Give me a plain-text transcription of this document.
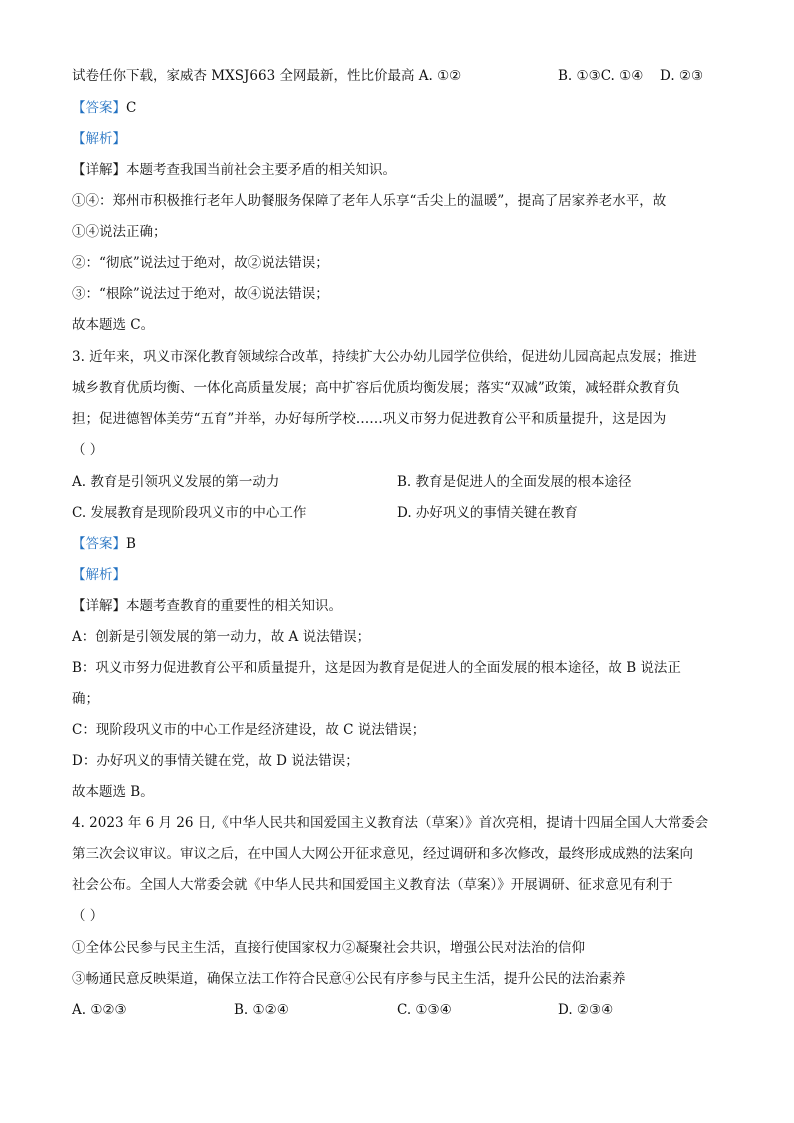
试卷任你下载，家威杏 MXSJ663 全网最新，性比价最高 A. ①②	B. ①③C. ①④ D. ②③
【答案】C
【解析】
【详解】本题考查我国当前社会主要矛盾的相关知识。
①④：郑州市积极推行老年人助餐服务保障了老年人乐享“舌尖上的温暖”，提高了居家养老水平，故
①④说法正确；
②：“彻底”说法过于绝对，故②说法错误；
③：“根除”说法过于绝对，故④说法错误；
故本题选 C。
3. 近年来，巩义市深化教育领域综合改革，持续扩大公办幼儿园学位供给，促进幼儿园高起点发展；推进
城乡教育优质均衡、一体化高质量发展；高中扩容后优质均衡发展；落实“双减”政策，减轻群众教育负
担；促进德智体美劳“五育”并举，办好每所学校……巩义市努力促进教育公平和质量提升，这是因为
（ ）
A. 教育是引领巩义发展的第一动力	B. 教育是促进人的全面发展的根本途径
C. 发展教育是现阶段巩义市的中心工作	D. 办好巩义的事情关键在教育
【答案】B
【解析】
【详解】本题考查教育的重要性的相关知识。
A：创新是引领发展的第一动力，故 A 说法错误；
B：巩义市努力促进教育公平和质量提升，这是因为教育是促进人的全面发展的根本途径，故 B 说法正
确；
C：现阶段巩义市的中心工作是经济建设，故 C 说法错误；
D：办好巩义的事情关键在党，故 D 说法错误；
故本题选 B。
4. 2023 年 6 月 26 日,《中华人民共和国爱国主义教育法（草案）》首次亮相，提请十四届全国人大常委会
第三次会议审议。审议之后，在中国人大网公开征求意见，经过调研和多次修改，最终形成成熟的法案向
社会公布。全国人大常委会就《中华人民共和国爱国主义教育法（草案）》开展调研、征求意见有利于
（ ）
①全体公民参与民主生活，直接行使国家权力②凝聚社会共识，增强公民对法治的信仰
③畅通民意反映渠道，确保立法工作符合民意④公民有序参与民主生活，提升公民的法治素养
A. ①②③	B. ①②④	C. ①③④	D. ②③④
